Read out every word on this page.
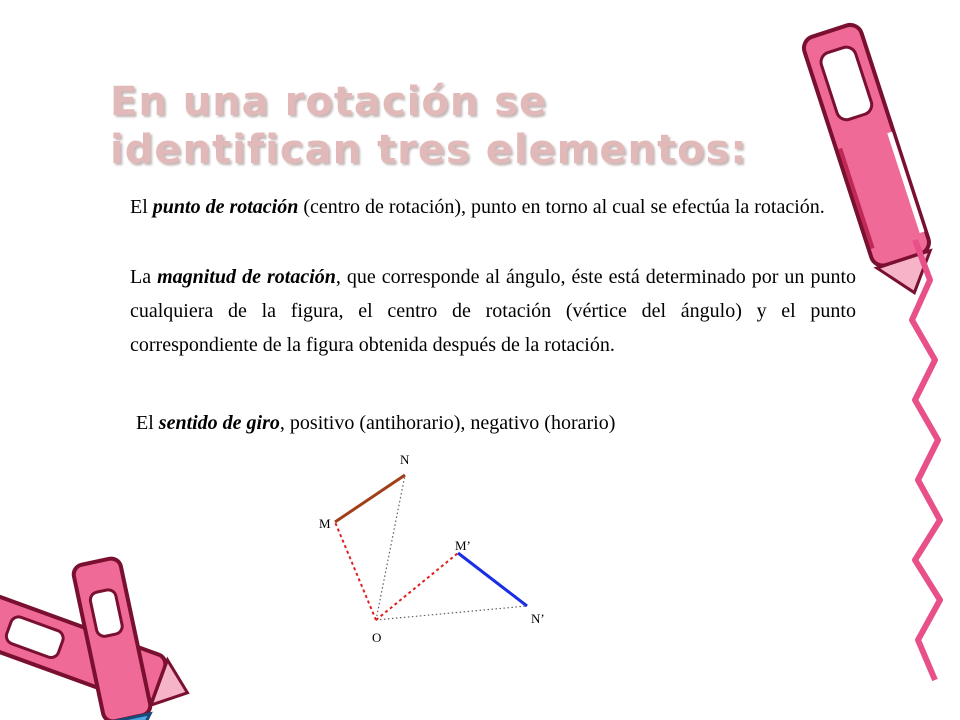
En una rotación se identifican tres elementos:
El punto de rotación (centro de rotación), punto en torno al cual se efectúa la rotación.
La magnitud de rotación, que corresponde al ángulo, éste está determinado por un punto cualquiera de la figura, el centro de rotación (vértice del ángulo) y el punto correspondiente de la figura obtenida después de la rotación.
El sentido de giro, positivo (antihorario), negativo (horario)
N
M
M’
N’
O
